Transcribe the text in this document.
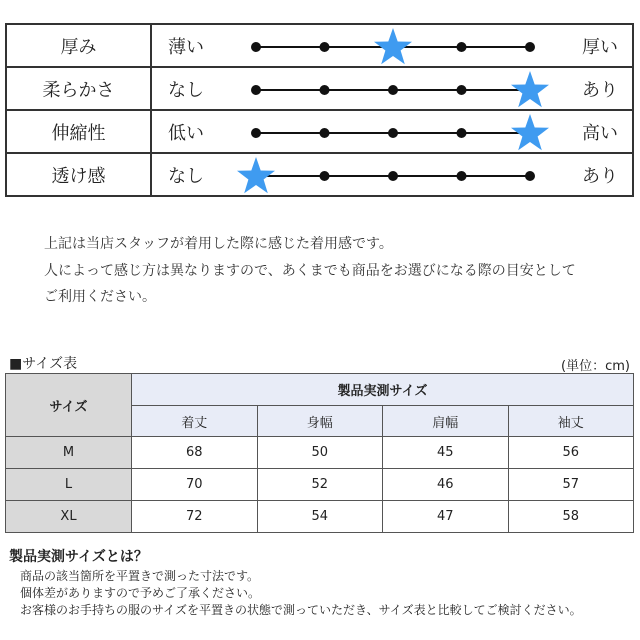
厚み	薄い 厚い

柔らかさ	なし あり

伸縮性	低い 高い

透け感	なし あり
上記は当店スタッフが着用した際に感じた着用感です。
人によって感じ方は異なりますので、あくまでも商品をお選びになる際の目安として
ご利用ください。
■サイズ表	(単位：cm)
サイズ	製品実測サイズ			
	着丈	身幅	肩幅	袖丈
M	68	50	45	56
L	70	52	46	57
XL	72	54	47	58
製品実測サイズとは？
商品の該当箇所を平置きで測った寸法です。
個体差がありますので予めご了承ください。
お客様のお手持ちの服のサイズを平置きの状態で測っていただき、サイズ表と比較してご検討ください。
